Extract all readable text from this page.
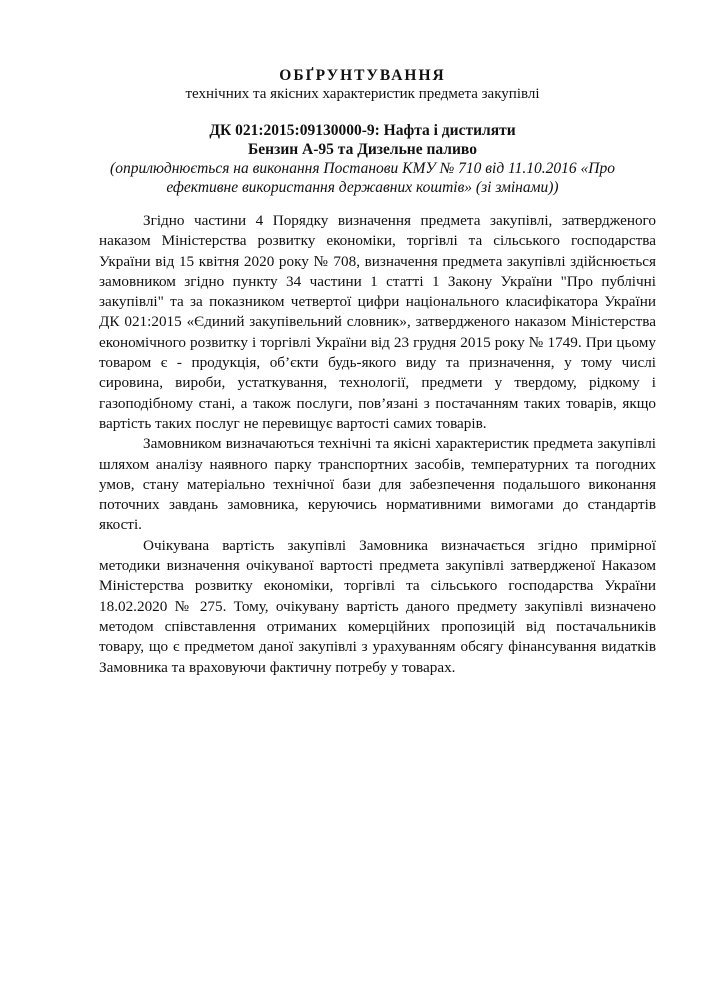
ОБҐРУНТУВАННЯ
технічних та якісних характеристик предмета закупівлі
ДК 021:2015:09130000-9: Нафта і дистиляти
Бензин А-95 та Дизельне паливо
(оприлюднюється на виконання Постанови КМУ № 710 від 11.10.2016 «Про
ефективне використання державних коштів» (зі змінами))

Згідно частини 4 Порядку визначення предмета закупівлі, затвердженого наказом Міністерства розвитку економіки, торгівлі та сільського господарства України від 15 квітня 2020 року № 708, визначення предмета закупівлі здійснюється замовником згідно пункту 34 частини 1 статті 1 Закону України "Про публічні закупівлі" та за показником четвертої цифри національного класифікатора України ДК 021:2015 «Єдиний закупівельний словник», затвердженого наказом Міністерства економічного розвитку і торгівлі України від 23 грудня 2015 року № 1749. При цьому товаром є - продукція, об’єкти будь-якого виду та призначення, у тому числі сировина, вироби, устаткування, технології, предмети у твердому, рідкому і газоподібному стані, а також послуги, пов’язані з постачанням таких товарів, якщо вартість таких послуг не перевищує вартості самих товарів.

Замовником визначаються технічні та якісні характеристик предмета закупівлі шляхом аналізу наявного парку транспортних засобів, температурних та погодних умов, стану матеріально технічної бази для забезпечення подальшого виконання поточних завдань замовника, керуючись нормативними вимогами до стандартів якості.

Очікувана вартість закупівлі Замовника визначається згідно примірної методики визначення очікуваної вартості предмета закупівлі затвердженої Наказом Міністерства розвитку економіки, торгівлі та сільського господарства України 18.02.2020 № 275. Тому, очікувану вартість даного предмету закупівлі визначено методом співставлення отриманих комерційних пропозицій від постачальників товару, що є предметом даної закупівлі з урахуванням обсягу фінансування видатків Замовника та враховуючи фактичну потребу у товарах.
